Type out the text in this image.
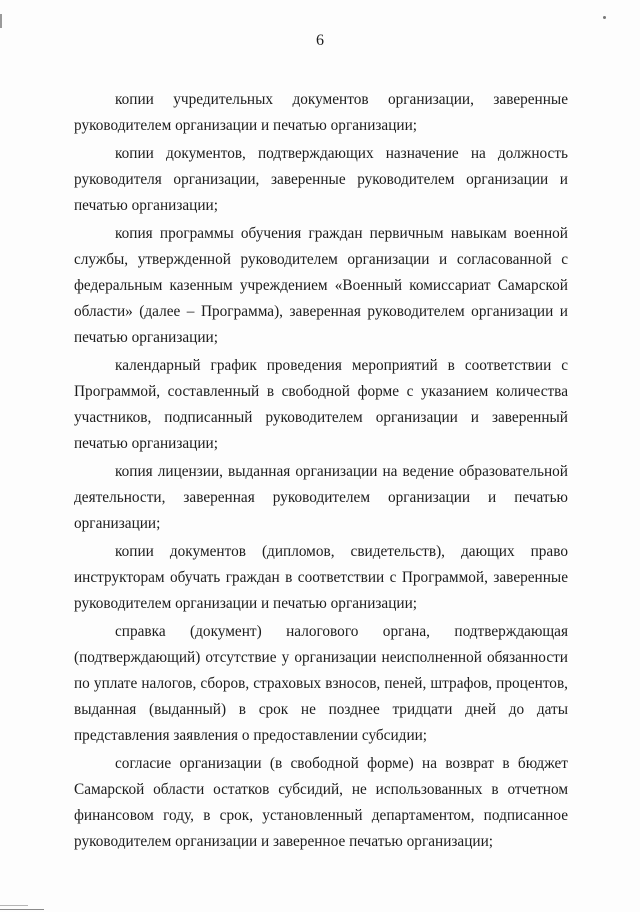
6

копии учредительных документов организации, заверенные руководителем организации и печатью организации;

копии документов, подтверждающих назначение на должность руководителя организации, заверенные руководителем организации и печатью организации;

копия программы обучения граждан первичным навыкам военной службы, утвержденной руководителем организации и согласованной с федеральным казенным учреждением «Военный комиссариат Самарской области» (далее – Программа), заверенная руководителем организации и печатью организации;

календарный график проведения мероприятий в соответствии с Программой, составленный в свободной форме с указанием количества участников, подписанный руководителем организации и заверенный печатью организации;

копия лицензии, выданная организации на ведение образовательной деятельности, заверенная руководителем организации и печатью организации;

копии документов (дипломов, свидетельств), дающих право инструкторам обучать граждан в соответствии с Программой, заверенные руководителем организации и печатью организации;

справка (документ) налогового органа, подтверждающая (подтверждающий) отсутствие у организации неисполненной обязанности по уплате налогов, сборов, страховых взносов, пеней, штрафов, процентов, выданная (выданный) в срок не позднее тридцати дней до даты представления заявления о предоставлении субсидии;

согласие организации (в свободной форме) на возврат в бюджет Самарской области остатков субсидий, не использованных в отчетном финансовом году, в срок, установленный департаментом, подписанное руководителем организации и заверенное печатью организации;
